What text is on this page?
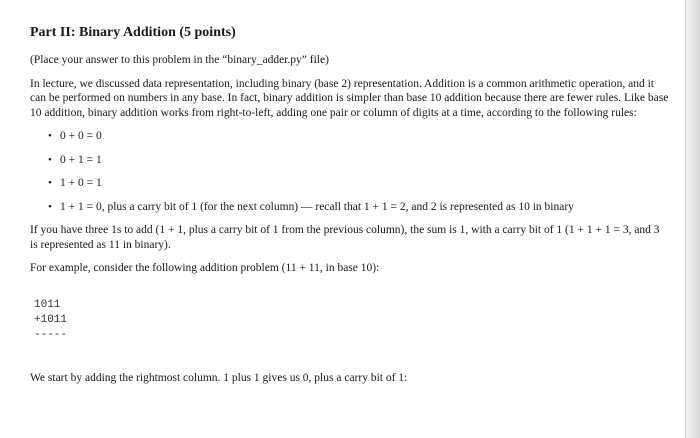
Part II: Binary Addition (5 points)

(Place your answer to this problem in the “binary_adder.py” file)

In lecture, we discussed data representation, including binary (base 2) representation. Addition is a common arithmetic operation, and it can be performed on numbers in any base. In fact, binary addition is simpler than base 10 addition because there are fewer rules. Like base 10 addition, binary addition works from right-to-left, adding one pair or column of digits at a time, according to the following rules:

• 0 + 0 = 0
• 0 + 1 = 1
• 1 + 0 = 1
• 1 + 1 = 0, plus a carry bit of 1 (for the next column) — recall that 1 + 1 = 2, and 2 is represented as 10 in binary

If you have three 1s to add (1 + 1, plus a carry bit of 1 from the previous column), the sum is 1, with a carry bit of 1 (1 + 1 + 1 = 3, and 3 is represented as 11 in binary).

For example, consider the following addition problem (11 + 11, in base 10):

1011
+1011
-----

We start by adding the rightmost column. 1 plus 1 gives us 0, plus a carry bit of 1:
